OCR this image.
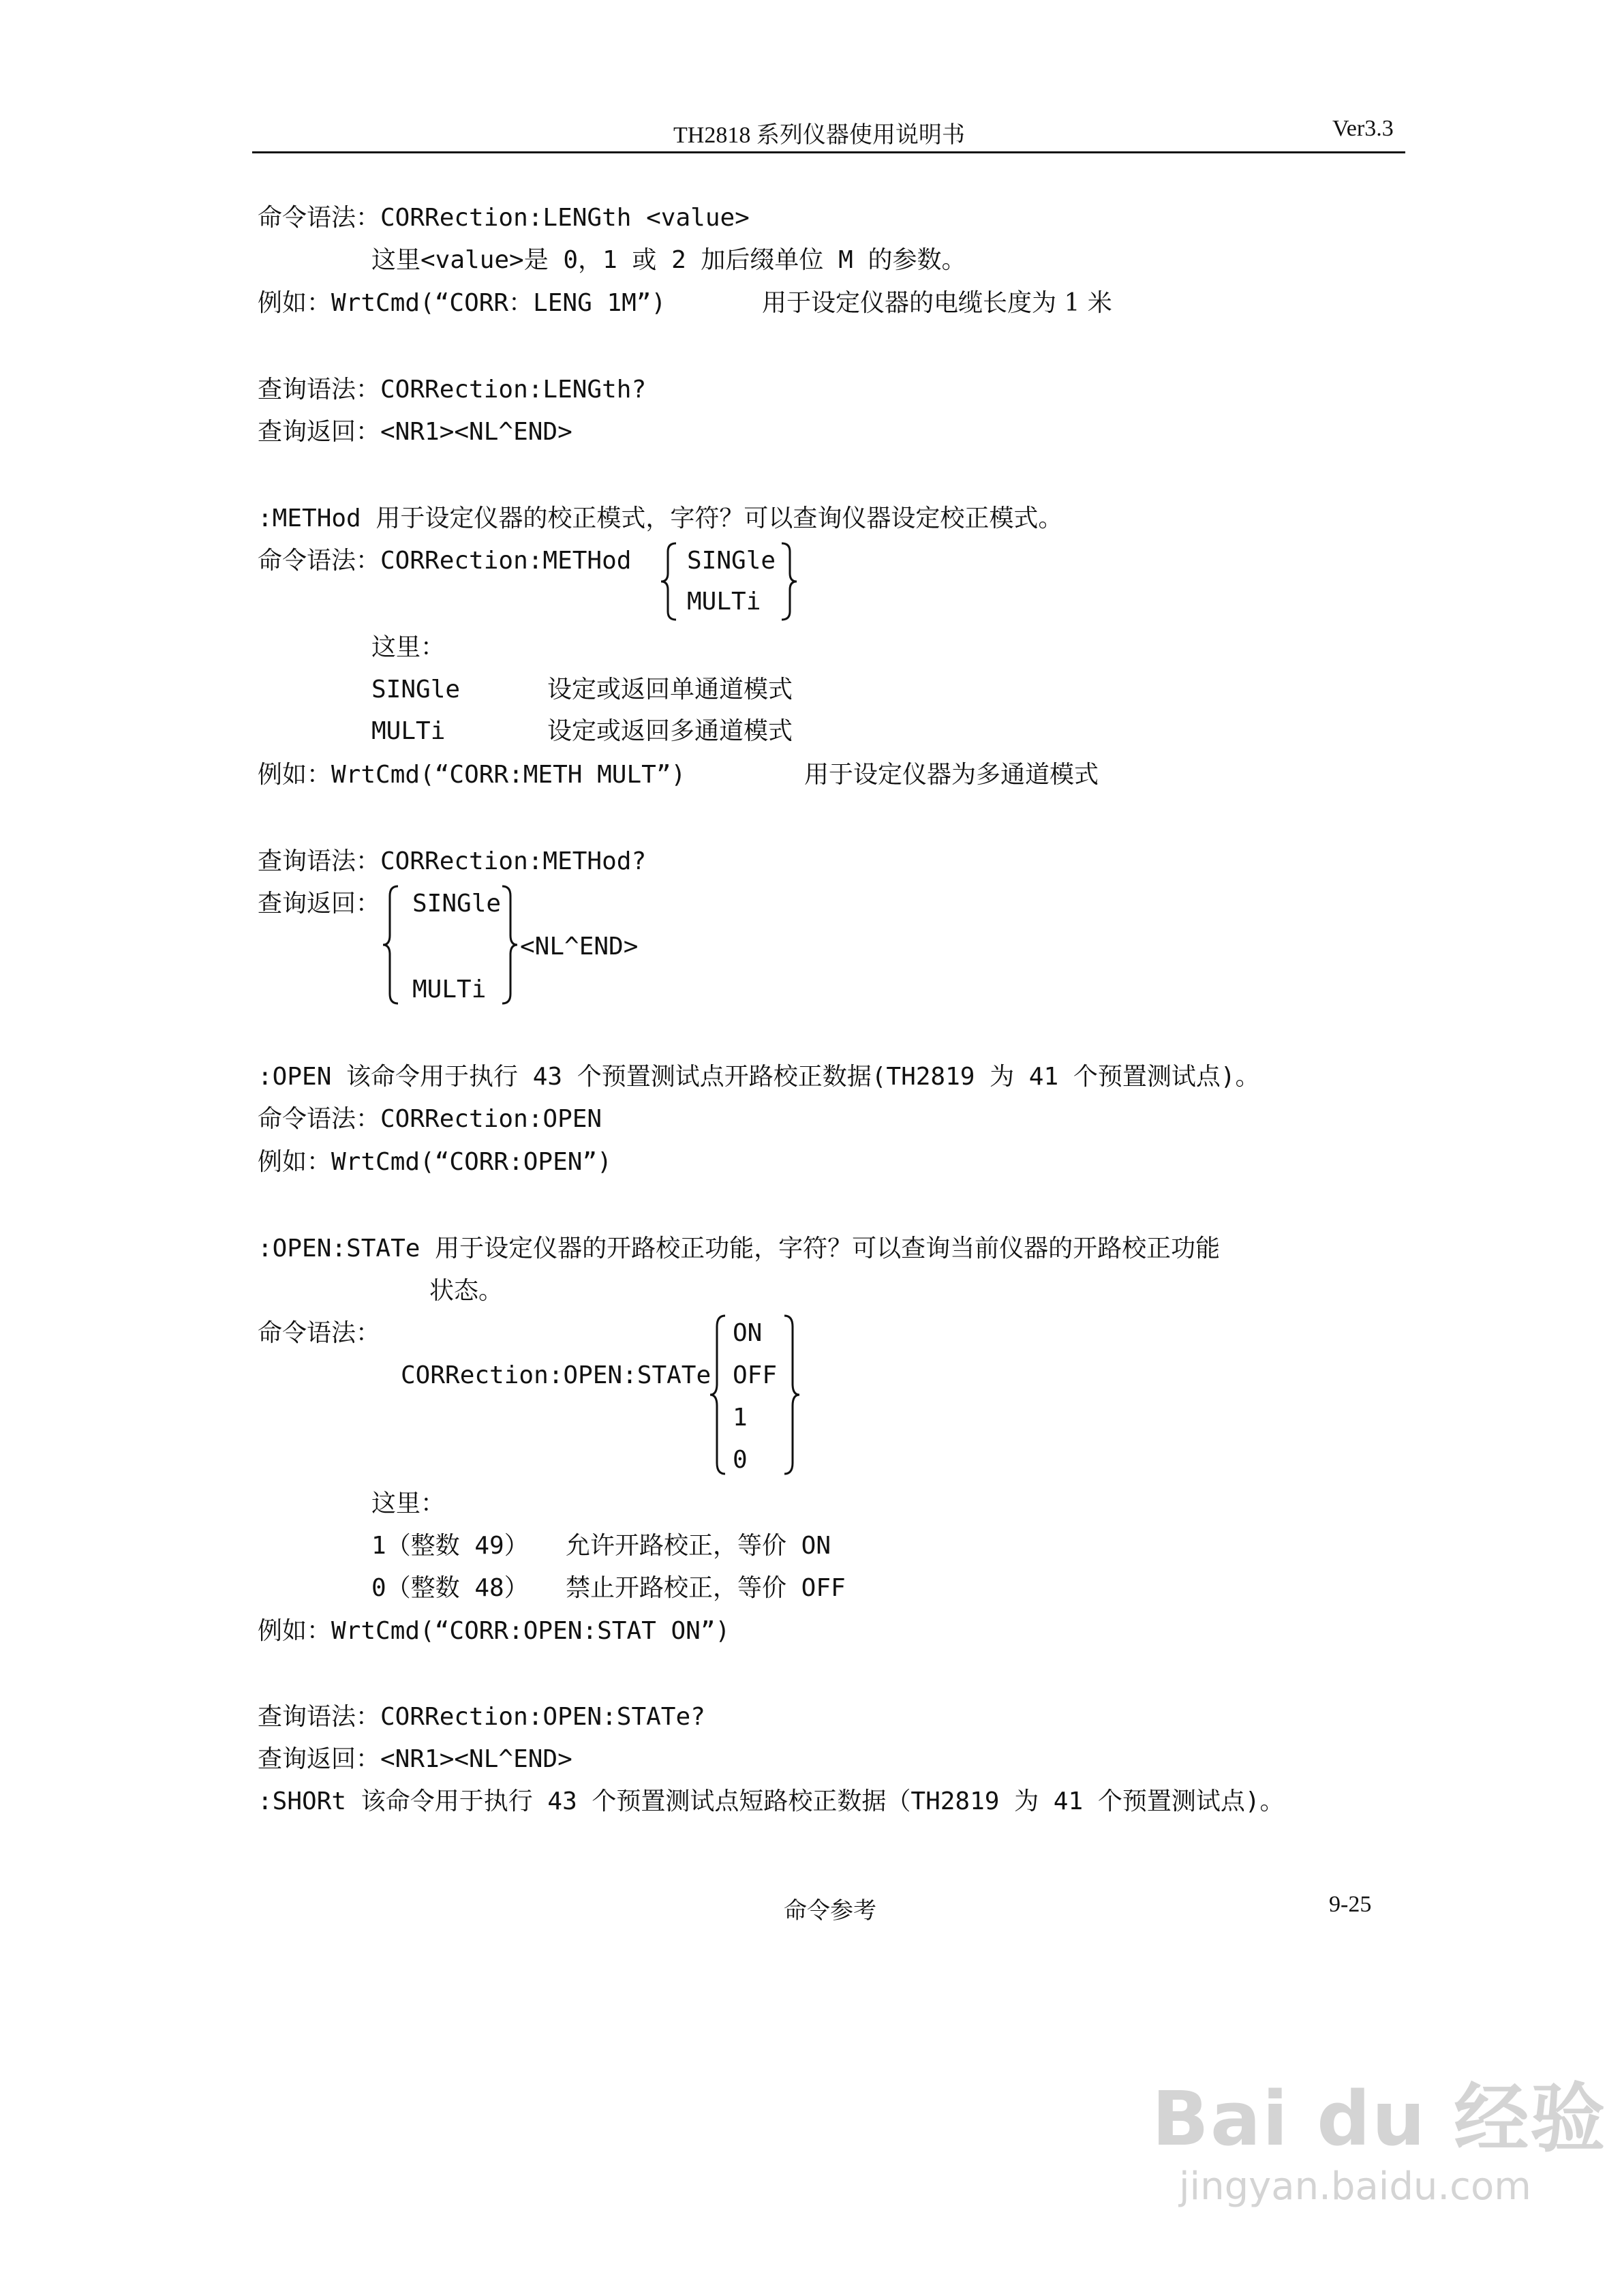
TH2818 系列仪器使用说明书	Ver3.3
命令语法：CORRection:LENGth <value>
这里<value>是 0，1 或 2 加后缀单位 M 的参数。
例如：WrtCmd(“CORR：LENG 1M”)	用于设定仪器的电缆长度为 1 米
查询语法：CORRection:LENGth?
查询返回：<NR1><NL^END>
:METHod 用于设定仪器的校正模式，字符？可以查询仪器设定校正模式。
命令语法：CORRection:METHod SINGle
MULTi
这里：
SINGle	设定或返回单通道模式
MULTi	设定或返回多通道模式
例如：WrtCmd(“CORR:METH MULT”)	用于设定仪器为多通道模式
查询语法：CORRection:METHod?
查询返回： SINGle
MULTi
<NL^END>
:OPEN 该命令用于执行 43 个预置测试点开路校正数据(TH2819 为 41 个预置测试点)。
命令语法：CORRection:OPEN
例如：WrtCmd(“CORR:OPEN”)
:OPEN:STATe 用于设定仪器的开路校正功能，字符？可以查询当前仪器的开路校正功能
状态。
命令语法：
CORRection:OPEN:STATe
ON
OFF
1
0
这里：
1（整数 49） 允许开路校正，等价 ON
0（整数 48） 禁止开路校正，等价 OFF
例如：WrtCmd(“CORR:OPEN:STAT ON”)
查询语法：CORRection:OPEN:STATe?
查询返回：<NR1><NL^END>
:SHORt 该命令用于执行 43 个预置测试点短路校正数据（TH2819 为 41 个预置测试点)。
命令参考	9-25
Bai du 经验
jingyan.baidu.com
